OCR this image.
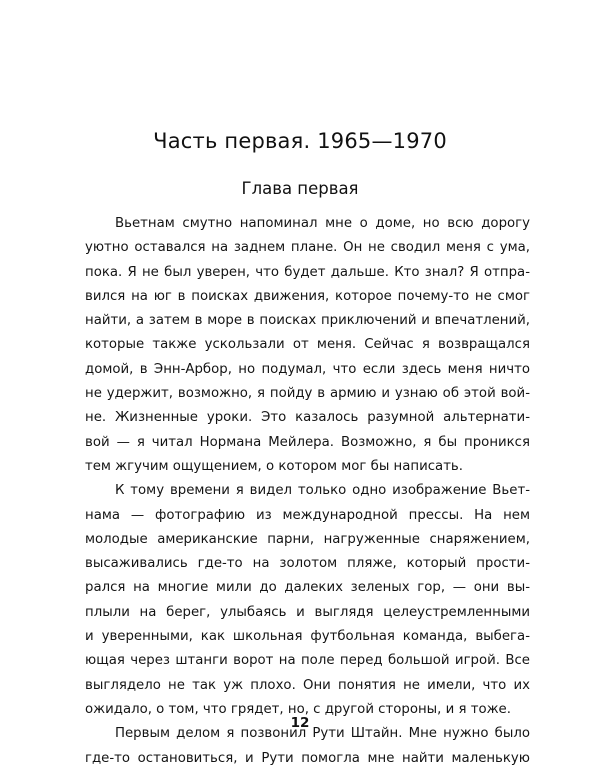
Часть первая. 1965—1970
Глава первая
Вьетнам смутно напоминал мне о доме, но всю дорогу
уютно оставался на заднем плане. Он не сводил меня с ума,
пока. Я не был уверен, что будет дальше. Кто знал? Я отпра-
вился на юг в поисках движения, которое почему-то не смог
найти, а затем в море в поисках приключений и впечатлений,
которые также ускользали от меня. Сейчас я возвращался
домой, в Энн-Арбор, но подумал, что если здесь меня ничто
не удержит, возможно, я пойду в армию и узнаю об этой вой-
не. Жизненные уроки. Это казалось разумной альтернати-
вой — я читал Нормана Мейлера. Возможно, я бы проникся
тем жгучим ощущением, о котором мог бы написать.
К тому времени я видел только одно изображение Вьет-
нама — фотографию из международной прессы. На нем
молодые американские парни, нагруженные снаряжением,
высаживались где-то на золотом пляже, который прости-
рался на многие мили до далеких зеленых гор, — они вы-
плыли на берег, улыбаясь и выглядя целеустремленными
и уверенными, как школьная футбольная команда, выбега-
ющая через штанги ворот на поле перед большой игрой. Все
выглядело не так уж плохо. Они понятия не имели, что их
ожидало, о том, что грядет, но, с другой стороны, и я тоже.
Первым делом я позвонил Рути Штайн. Мне нужно было
где-то остановиться, и Рути помогла мне найти маленькую
12
